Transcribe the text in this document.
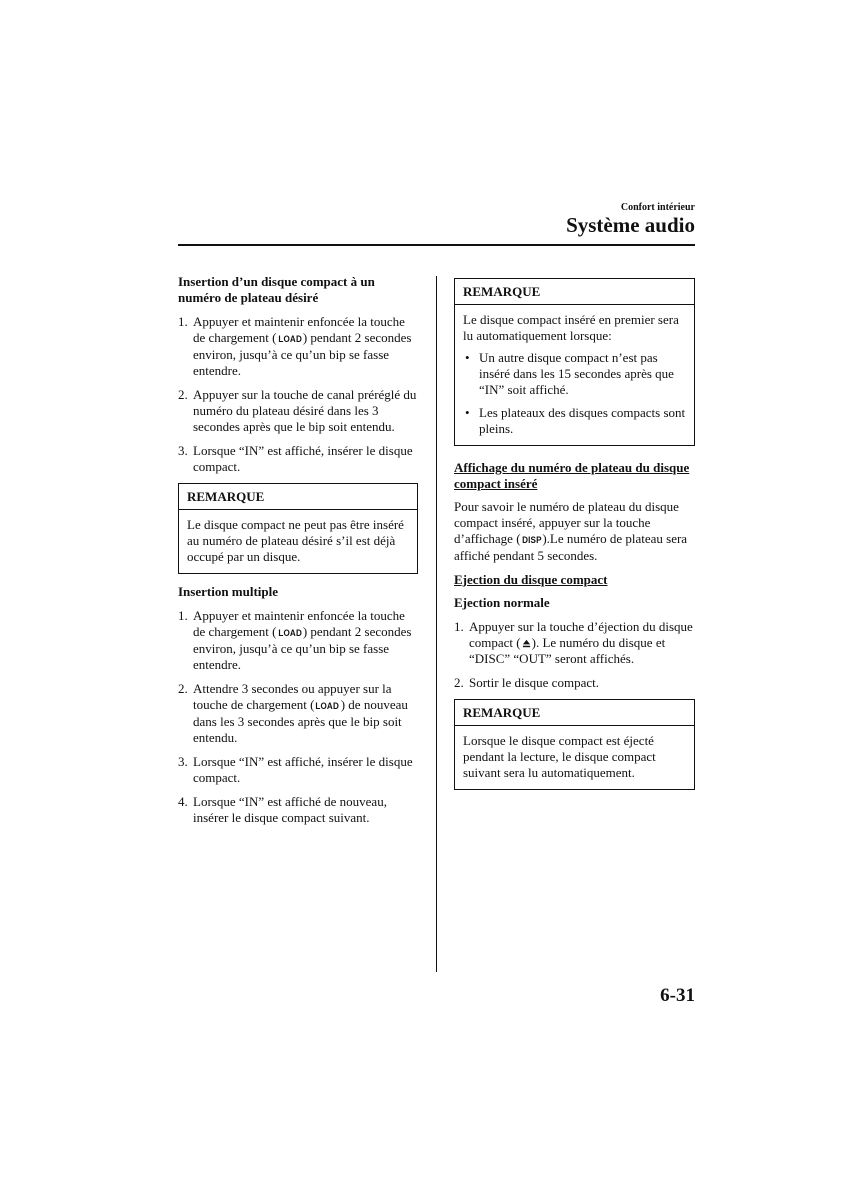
Confort intérieur
Système audio
Insertion d’un disque compact à un numéro de plateau désiré
1. Appuyer et maintenir enfoncée la touche de chargement (LOAD) pendant 2 secondes environ, jusqu’à ce qu’un bip se fasse entendre.
2. Appuyer sur la touche de canal préréglé du numéro du plateau désiré dans les 3 secondes après que le bip soit entendu.
3. Lorsque “IN” est affiché, insérer le disque compact.
REMARQUE
Le disque compact ne peut pas être inséré au numéro de plateau désiré s’il est déjà occupé par un disque.
Insertion multiple
1. Appuyer et maintenir enfoncée la touche de chargement (LOAD) pendant 2 secondes environ, jusqu’à ce qu’un bip se fasse entendre.
2. Attendre 3 secondes ou appuyer sur la touche de chargement (LOAD) de nouveau dans les 3 secondes après que le bip soit entendu.
3. Lorsque “IN” est affiché, insérer le disque compact.
4. Lorsque “IN” est affiché de nouveau, insérer le disque compact suivant.
REMARQUE
Le disque compact inséré en premier sera lu automatiquement lorsque:
• Un autre disque compact n’est pas inséré dans les 15 secondes après que “IN” soit affiché.
• Les plateaux des disques compacts sont pleins.
Affichage du numéro de plateau du disque compact inséré
Pour savoir le numéro de plateau du disque compact inséré, appuyer sur la touche d’affichage (DISP).Le numéro de plateau sera affiché pendant 5 secondes.
Ejection du disque compact
Ejection normale
1. Appuyer sur la touche d’éjection du disque compact ( ). Le numéro du disque et “DISC” “OUT” seront affichés.
2. Sortir le disque compact.
REMARQUE
Lorsque le disque compact est éjecté pendant la lecture, le disque compact suivant sera lu automatiquement.
6-31
